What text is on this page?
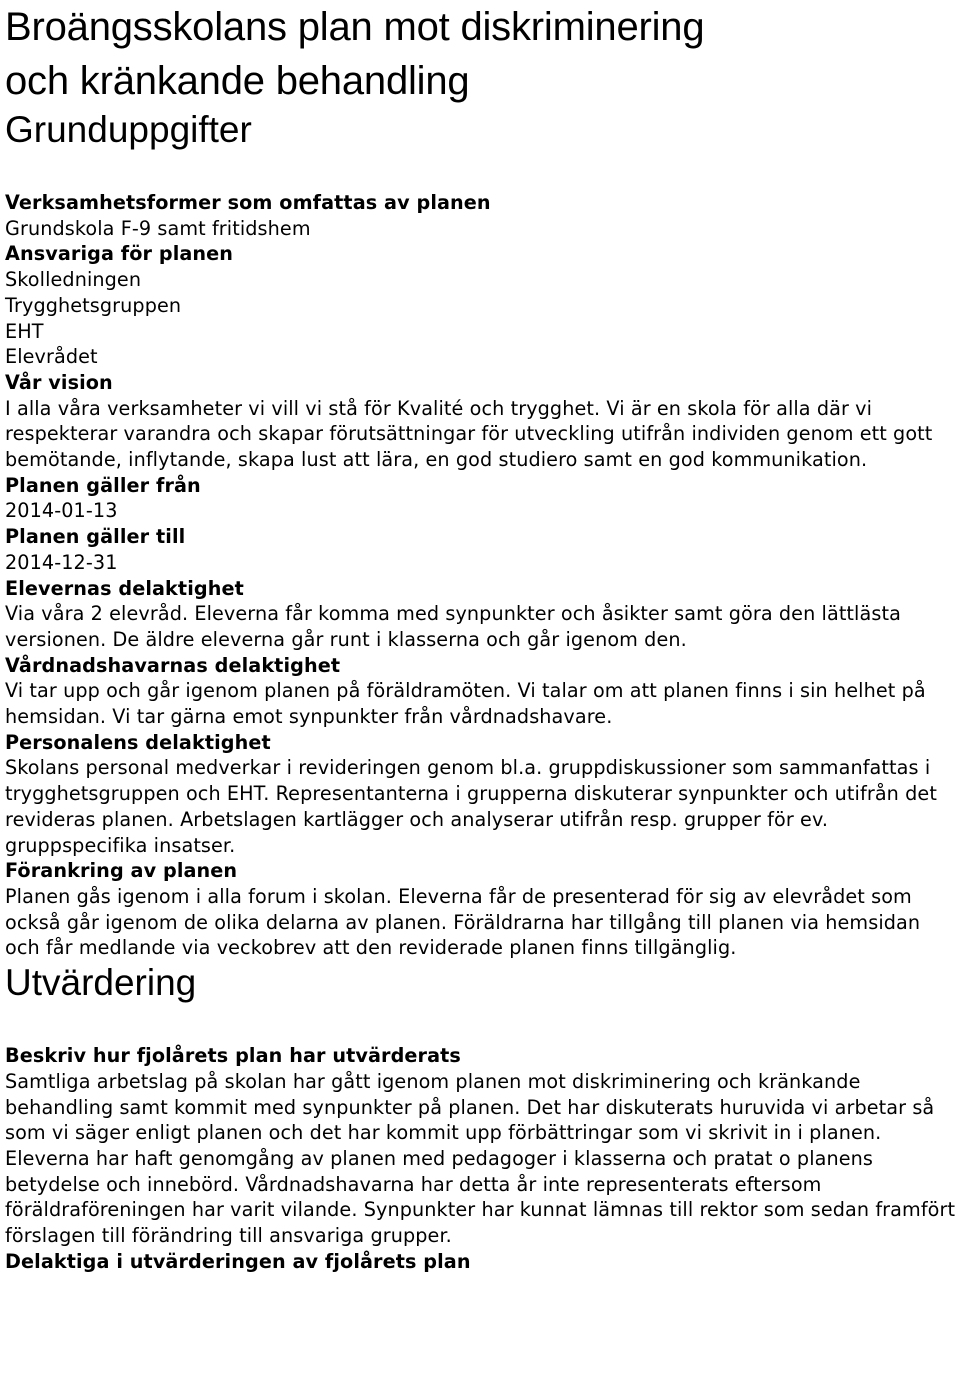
Broängsskolans plan mot diskriminering
och kränkande behandling
Grunduppgifter

Verksamhetsformer som omfattas av planen

Grundskola F-9 samt fritidshem

Ansvariga för planen

Skolledningen

Trygghetsgruppen

EHT

Elevrådet

Vår vision

I alla våra verksamheter vi vill vi stå för Kvalité och trygghet. Vi är en skola för alla där vi respekterar varandra och skapar förutsättningar för utveckling utifrån individen genom ett gott bemötande, inflytande, skapa lust att lära, en god studiero samt en god kommunikation.

Planen gäller från

2014-01-13

Planen gäller till

2014-12-31

Elevernas delaktighet

Via våra 2 elevråd. Eleverna får komma med synpunkter och åsikter samt göra den lättlästa versionen. De äldre eleverna går runt i klasserna och går igenom den.

Vårdnadshavarnas delaktighet

Vi tar upp och går igenom planen på föräldramöten. Vi talar om att planen finns i sin helhet på hemsidan. Vi tar gärna emot synpunkter från vårdnadshavare.

Personalens delaktighet

Skolans personal medverkar i revideringen genom bl.a. gruppdiskussioner som sammanfattas i trygghetsgruppen och EHT. Representanterna i grupperna diskuterar synpunkter och utifrån det revideras planen. Arbetslagen kartlägger och analyserar utifrån resp. grupper för ev. gruppspecifika insatser.

Förankring av planen

Planen gås igenom i alla forum i skolan. Eleverna får de presenterad för sig av elevrådet som också går igenom de olika delarna av planen. Föräldrarna har tillgång till planen via hemsidan och får medlande via veckobrev att den reviderade planen finns tillgänglig.

Utvärdering

Beskriv hur fjolårets plan har utvärderats

Samtliga arbetslag på skolan har gått igenom planen mot diskriminering och kränkande behandling samt kommit med synpunkter på planen. Det har diskuterats huruvida vi arbetar så som vi säger enligt planen och det har kommit upp förbättringar som vi skrivit in i planen. Eleverna har haft genomgång av planen med pedagoger i klasserna och pratat o planens betydelse och innebörd. Vårdnadshavarna har detta år inte representerats eftersom föräldraföreningen har varit vilande. Synpunkter har kunnat lämnas till rektor som sedan framfört förslagen till förändring till ansvariga grupper.

Delaktiga i utvärderingen av fjolårets plan
